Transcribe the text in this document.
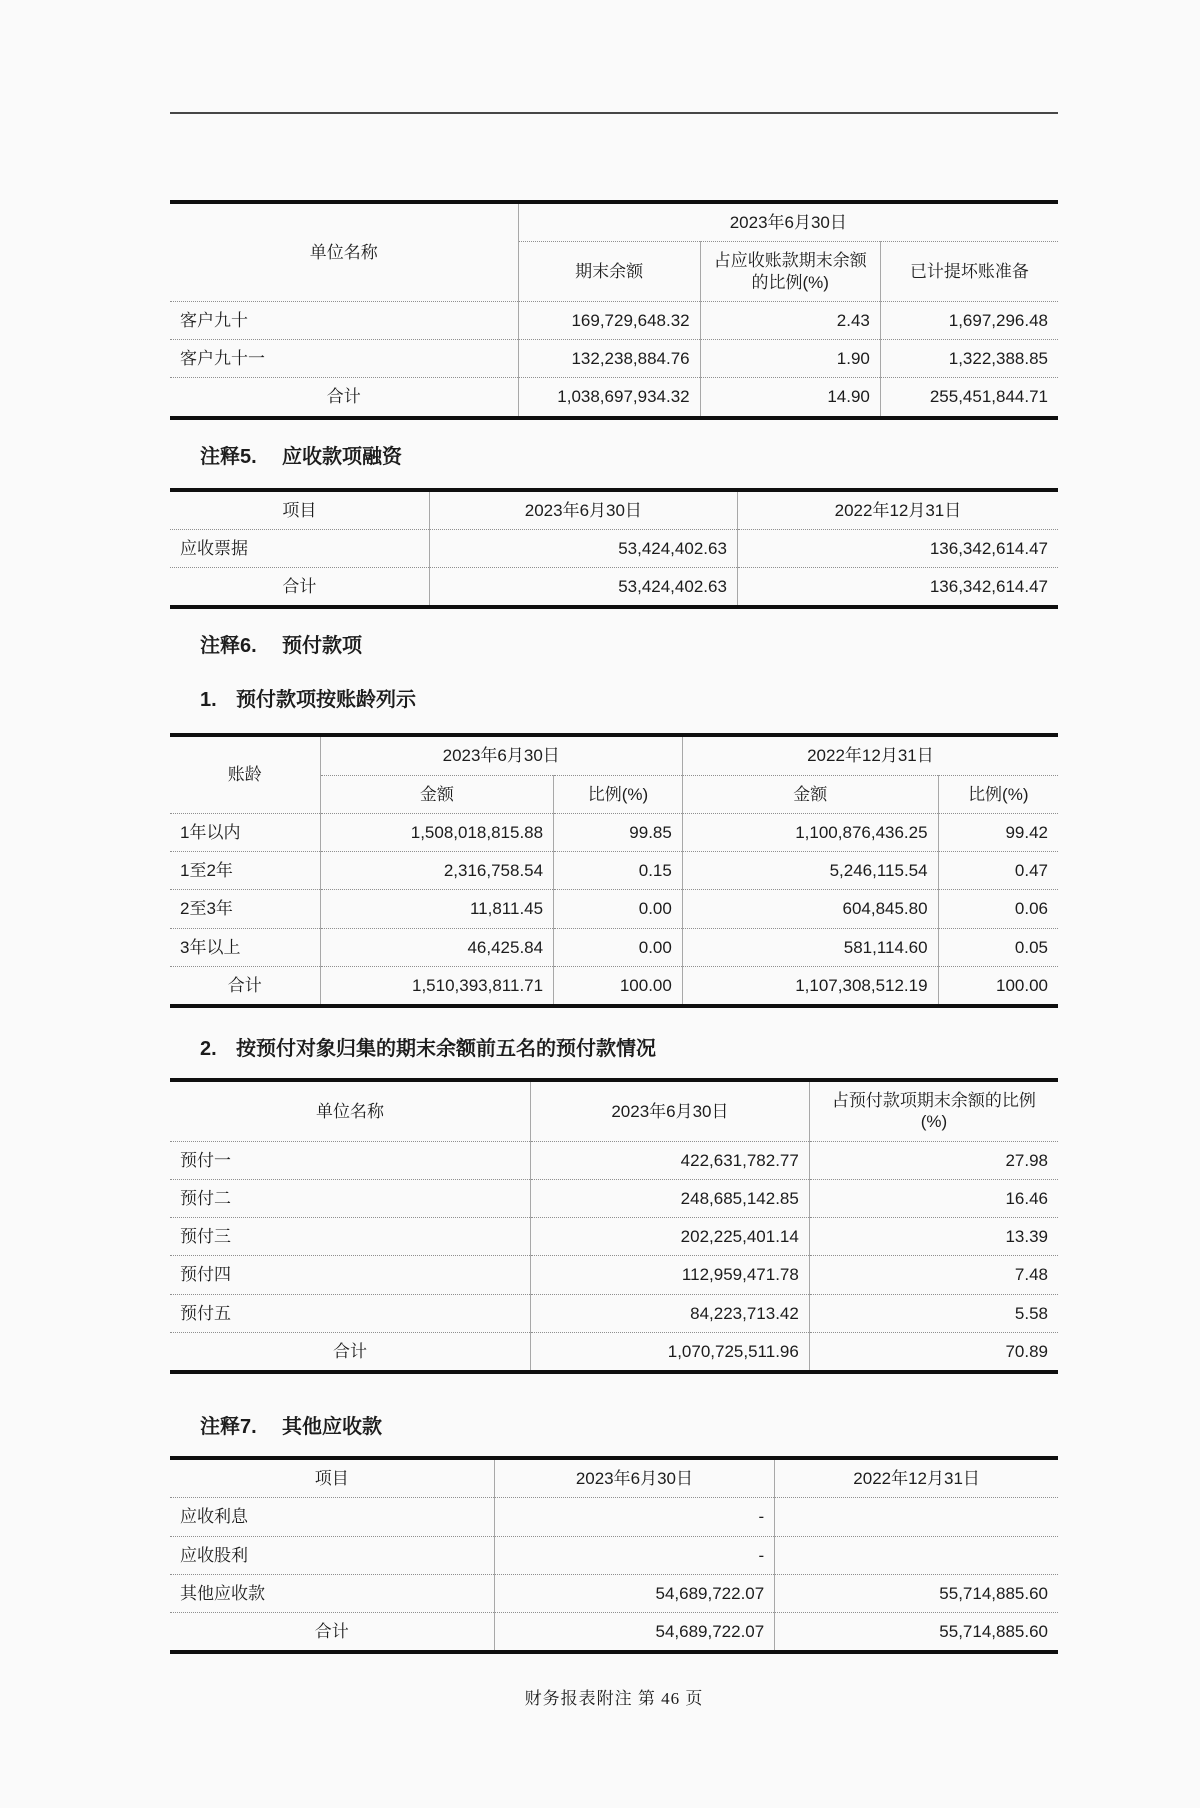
单位名称	2023年6月30日		
	期末余额	占应收账款期末余额的比例(%)	已计提坏账准备
客户九十	169,729,648.32	2.43	1,697,296.48
客户九十一	132,238,884.76	1.90	1,322,388.85
合计	1,038,697,934.32	14.90	255,451,844.71
注释5. 应收款项融资
项目	2023年6月30日	2022年12月31日
应收票据	53,424,402.63	136,342,614.47
合计	53,424,402.63	136,342,614.47
注释6. 预付款项
1. 预付款项按账龄列示
账龄	2023年6月30日		2022年12月31日	
	金额	比例(%)	金额	比例(%)
1年以内	1,508,018,815.88	99.85	1,100,876,436.25	99.42
1至2年	2,316,758.54	0.15	5,246,115.54	0.47
2至3年	11,811.45	0.00	604,845.80	0.06
3年以上	46,425.84	0.00	581,114.60	0.05
合计	1,510,393,811.71	100.00	1,107,308,512.19	100.00
2. 按预付对象归集的期末余额前五名的预付款情况
单位名称	2023年6月30日	占预付款项期末余额的比例(%)
预付一	422,631,782.77	27.98
预付二	248,685,142.85	16.46
预付三	202,225,401.14	13.39
预付四	112,959,471.78	7.48
预付五	84,223,713.42	5.58
合计	1,070,725,511.96	70.89
注释7. 其他应收款
项目	2023年6月30日	2022年12月31日
应收利息	-	
应收股利	-	
其他应收款	54,689,722.07	55,714,885.60
合计	54,689,722.07	55,714,885.60
财务报表附注 第 46 页
